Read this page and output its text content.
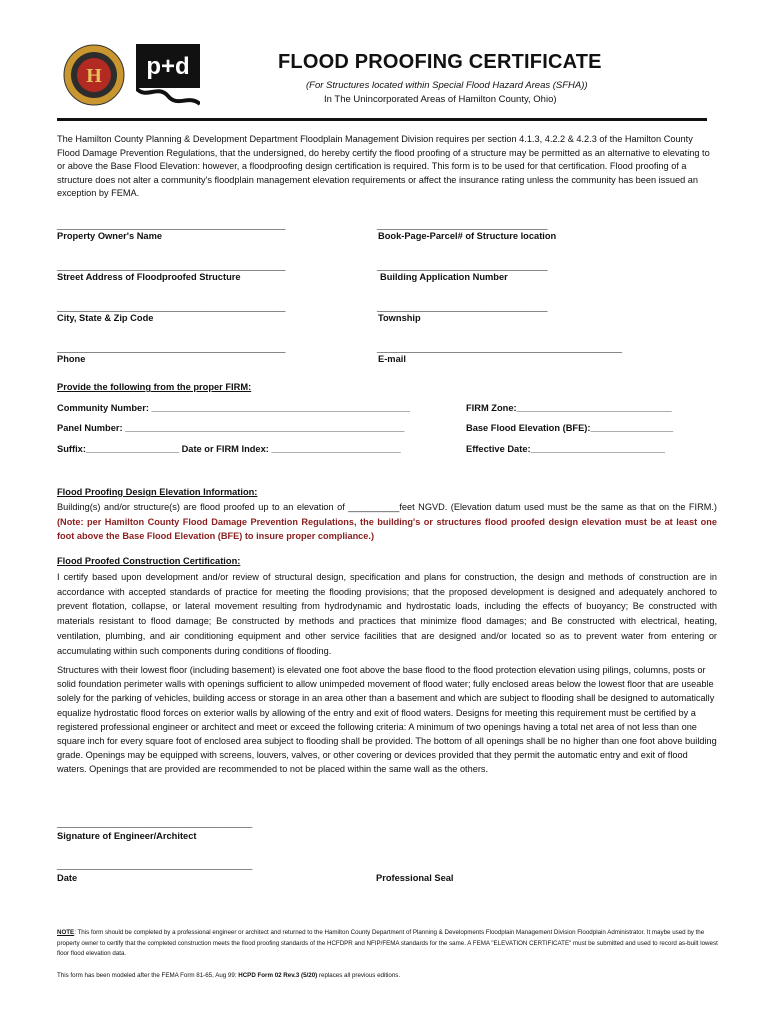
H p+d	FLOOD PROOFING CERTIFICATE
(For Structures located within Special Flood Hazard Areas (SFHA))
In The Unincorporated Areas of Hamilton County, Ohio)
The Hamilton County Planning & Development Department Floodplain Management Division requires per section 4.1.3, 4.2.2 & 4.2.3 of the Hamilton County Flood Damage Prevention Regulations, that the undersigned, do hereby certify the flood proofing of a structure may be permitted as an alternative to elevating to or above the Base Flood Elevation: however, a floodproofing design certification is required. This form is to be used for that certification. Flood proofing of a structure does not alter a community's floodplain management elevation requirements or affect the insurance rating unless the community has been issued an exception by FEMA.
_______________________________________________________
Property Owner's Name
_________________________________________
Book-Page-Parcel# of Structure location
_______________________________________________________
Street Address of Floodproofed Structure
_________________________________________
Building Application Number
_______________________________________________________
City, State & Zip Code
_________________________________________
Township
_______________________________________________________
Phone
___________________________________________________________
E-mail
Provide the following from the proper FIRM:
Community Number: __________________________________________________
Panel Number: ______________________________________________________
Suffix:__________________ Date or FIRM Index: _________________________
FIRM Zone:______________________________
Base Flood Elevation (BFE):________________
Effective Date:__________________________
Flood Proofing Design Elevation Information:
Building(s) and/or structure(s) are flood proofed up to an elevation of __________feet NGVD. (Elevation datum used must be the same as that on the FIRM.) (Note: per Hamilton County Flood Damage Prevention Regulations, the building's or structures flood proofed design elevation must be at least one foot above the Base Flood Elevation (BFE) to insure proper compliance.)
Flood Proofed Construction Certification:
I certify based upon development and/or review of structural design, specification and plans for construction, the design and methods of construction are in accordance with accepted standards of practice for meeting the flooding provisions; that the proposed development is designed and adequately anchored to prevent flotation, collapse, or lateral movement resulting from hydrodynamic and hydrostatic loads, including the effects of buoyancy; Be constructed with materials resistant to flood damage; Be constructed by methods and practices that minimize flood damages; and Be constructed with electrical, heating, ventilation, plumbing, and air conditioning equipment and other service facilities that are designed and/or located so as to prevent water from entering or accumulating within such components during conditions of flooding.
Structures with their lowest floor (including basement) is elevated one foot above the base flood to the flood protection elevation using pilings, columns, posts or solid foundation perimeter walls with openings sufficient to allow unimpeded movement of flood water; fully enclosed areas below the lowest floor that are useable solely for the parking of vehicles, building access or storage in an area other than a basement and which are subject to flooding shall be designed to automatically equalize hydrostatic flood forces on exterior walls by allowing of the entry and exit of flood waters. Designs for meeting this requirement must be certified by a registered professional engineer or architect and meet or exceed the following criteria: A minimum of two openings having a total net area of not less than one square inch for every square foot of enclosed area subject to flooding shall be provided. The bottom of all openings shall be no higher than one foot above building grade. Openings may be equipped with screens, louvers, valves, or other covering or devices provided that they permit the automatic entry and exit of flood waters. Openings that are provided are recommended to not be placed within the same wall as the others.
_______________________________________________
Signature of Engineer/Architect
_______________________________________________
Date	Professional Seal
NOTE: This form should be completed by a professional engineer or architect and returned to the Hamilton County Department of Planning & Developments Floodplain Management Division Floodplain Administrator. It maybe used by the property owner to certify that the completed construction meets the flood proofing standards of the HCFDPR and NFIP/FEMA standards for the same. A FEMA "ELEVATION CERTIFICATE" must be submitted and used to record as-built lowest floor flood elevation data.
This form has been modeled after the FEMA Form 81-65, Aug 99: HCPD Form 02 Rev.3 (5/20) replaces all previous editions.
